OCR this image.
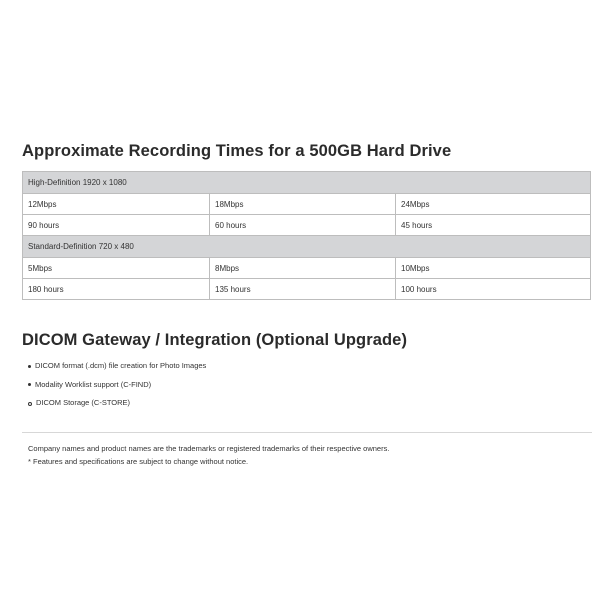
Approximate Recording Times for a 500GB Hard Drive
High-Definition 1920 x 1080		
12Mbps	18Mbps	24Mbps
90 hours	60 hours	45 hours
Standard-Definition 720 x 480		
5Mbps	8Mbps	10Mbps
180 hours	135 hours	100 hours
DICOM Gateway / Integration (Optional Upgrade)
DICOM format (.dcm) file creation for Photo Images
Modality Worklist support (C-FIND)
DICOM Storage (C-STORE)
Company names and product names are the trademarks or registered trademarks of their respective owners.
* Features and specifications are subject to change without notice.
